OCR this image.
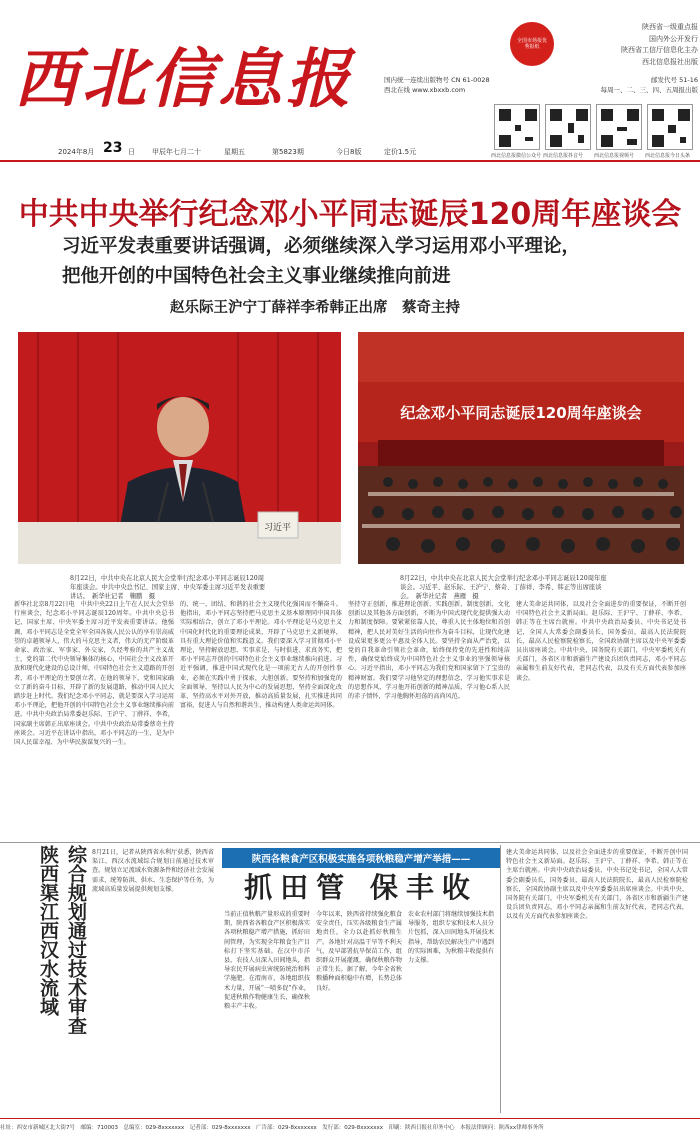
西北信息报
全国市场报优秀报纸
陕西省一级重点报
国内外公开发行
陕西省工信厅信息化主办
西北信息报社出版
国内统一连续出版物号 CN 61-0028
西北在线 www.xbxxb.com
邮发代号 51-16
每周一、二、三、四、五周报出版
西北信息报微信公众号 西北信息报抖音号 西北信息报视频号 西北信息报今日头条
2024年8月 23 日 甲辰年七月二十	星期五	第5823期	今日8版	定价1.5元
中共中央举行纪念邓小平同志诞辰120周年座谈会
习近平发表重要讲话强调，必须继续深入学习运用邓小平理论，
把他开创的中国特色社会主义事业继续推向前进
赵乐际王沪宁丁薛祥李希韩正出席　蔡奇主持
习近平
8月22日，中共中央在北京人民大会堂举行纪念邓小平同志诞辰120周年座谈会。中共中央总书记、国家主席、中央军委主席习近平发表重要讲话。　新华社记者　鞠鹏　摄
纪念邓小平同志诞辰120周年座谈会
8月22日，中共中央在北京人民大会堂举行纪念邓小平同志诞辰120周年座谈会。习近平、赵乐际、王沪宁、蔡奇、丁薛祥、李希、韩正等出席座谈会。　新华社记者　燕雁　摄
新华社北京8月22日电　中共中央22日上午在人民大会堂举行座谈会，纪念邓小平同志诞辰120周年。中共中央总书记、国家主席、中央军委主席习近平发表重要讲话。他强调，邓小平同志是全党全军全国各族人民公认的享有崇高威望的卓越领导人，伟大的马克思主义者，伟大的无产阶级革命家、政治家、军事家、外交家，久经考验的共产主义战士，党的第二代中央领导集体的核心，中国社会主义改革开放和现代化建设的总设计师，中国特色社会主义道路的开创者，邓小平理论的主要创立者。在他的领导下，党和国家确立了新的奋斗目标，开辟了新的发展道路，推动中国人民大踏步赶上时代。我们纪念邓小平同志，就是要深入学习运用邓小平理论，把他开创的中国特色社会主义事业继续推向前进。中共中央政治局常委赵乐际、王沪宁、丁薛祥、李希，国家副主席韩正出席座谈会。中共中央政治局常委蔡奇主持座谈会。习近平在讲话中指出，邓小平同志的一生，是为中国人民谋幸福、为中华民族谋复兴的一生。
的、统一、团结、和谐的社会主义现代化强国而不懈奋斗。他指出，邓小平同志坚持把马克思主义基本原理同中国具体实际相结合，创立了邓小平理论。邓小平理论是马克思主义中国化时代化的重要理论成果，开辟了马克思主义新境界，具有重大理论价值和实践意义。我们要深入学习贯彻邓小平理论，坚持解放思想、实事求是，与时俱进、求真务实，把邓小平同志开创的中国特色社会主义事业继续推向前进。习近平强调，推进中国式现代化是一项前无古人的开创性事业，必须在实践中勇于探索，大胆创新。要坚持和加强党的全面领导，坚持以人民为中心的发展思想，坚持全面深化改革，坚持高水平对外开放，推动高质量发展，扎实推进共同富裕，促进人与自然和谐共生，推动构建人类命运共同体。
坚持守正创新，推进理论创新、实践创新、制度创新、文化创新以及其他各方面创新，不断为中国式现代化提供强大动力和制度保障。要紧紧依靠人民，尊重人民主体地位和首创精神，把人民对美好生活的向往作为奋斗目标，让现代化建设成果更多更公平惠及全体人民。要坚持全面从严治党，以党的自我革命引领社会革命，始终保持党的先进性和纯洁性，确保党始终成为中国特色社会主义事业的坚强领导核心。习近平指出，邓小平同志为我们党和国家留下了宝贵的精神财富。我们要学习他坚定的理想信念，学习他实事求是的思想作风，学习他开拓创新的精神品质，学习他心系人民的赤子情怀，学习他胸怀坦荡的高尚风范。
建大美命运共同体，以及社会全面进步的重要保证，不断开创中国特色社会主义新局面。赵乐际、王沪宁、丁薛祥、李希、韩正等在主席台就座。中共中央政治局委员、中央书记处书记，全国人大常委会副委员长，国务委员，最高人民法院院长，最高人民检察院检察长，全国政协副主席以及中央军委委员出席座谈会。中共中央、国务院有关部门，中央军委机关有关部门，各省区市和新疆生产建设兵团负责同志，邓小平同志亲属和生前友好代表，老同志代表，以及有关方面代表参加座谈会。
综合规划通过技术审查
陕西渠江西汉水流域	8月21日，记者从陕西省水利厅获悉，陕西省渠江、西汉水流域综合规划日前通过技术审查。规划立足流域水资源条件和经济社会发展需求，统筹防洪、供水、生态保护等任务，为流域高质量发展提供规划支撑。
陕西各粮食产区积极实施各项秋粮稳产增产举措——
抓田管 保丰收
当前正值秋粮产量形成的重要时期，陕西省各粮食产区积极落实各项秋粮稳产增产措施，抓好田间管理，为实现全年粮食生产目标打下坚实基础。在汉中市洋县，农技人员深入田间地头，指导农民开展病虫害统防统治和科学施肥。在渭南市，各地组织技术力量，开展“一喷多促”作业，促进秋粮作物健康生长，确保秋粮丰产丰收。
今年以来，陕西省持续强化粮食安全责任，压实各级粮食生产属地责任，全力以赴抓好秋粮生产。各地针对高温干旱等不利天气，及早部署抗旱保苗工作，组织群众开展灌溉，确保秋粮作物正常生长。据了解，今年全省秋粮播种面积稳中有增，长势总体良好。
农业农村部门将继续加强技术指导服务，组织专家和技术人员分片包抓，深入田间地头开展技术指导，帮助农民解决生产中遇到的实际困难，为秋粮丰收提供有力支撑。
建大美命运共同体，以及社会全面进步的重要保证，不断开创中国特色社会主义新局面。赵乐际、王沪宁、丁薛祥、李希、韩正等在主席台就座。中共中央政治局委员、中央书记处书记，全国人大常委会副委员长，国务委员，最高人民法院院长，最高人民检察院检察长，全国政协副主席以及中央军委委员出席座谈会。中共中央、国务院有关部门，中央军委机关有关部门，各省区市和新疆生产建设兵团负责同志，邓小平同志亲属和生前友好代表，老同志代表，以及有关方面代表参加座谈会。
社址：西安市新城区北大街7号　邮编：710003　总编室：029-8xxxxxxx　记者部：029-8xxxxxxx　广告部：029-8xxxxxxx　发行部：029-8xxxxxxx　印刷：陕西日报社印务中心　本报法律顾问：陕西xx律师事务所
